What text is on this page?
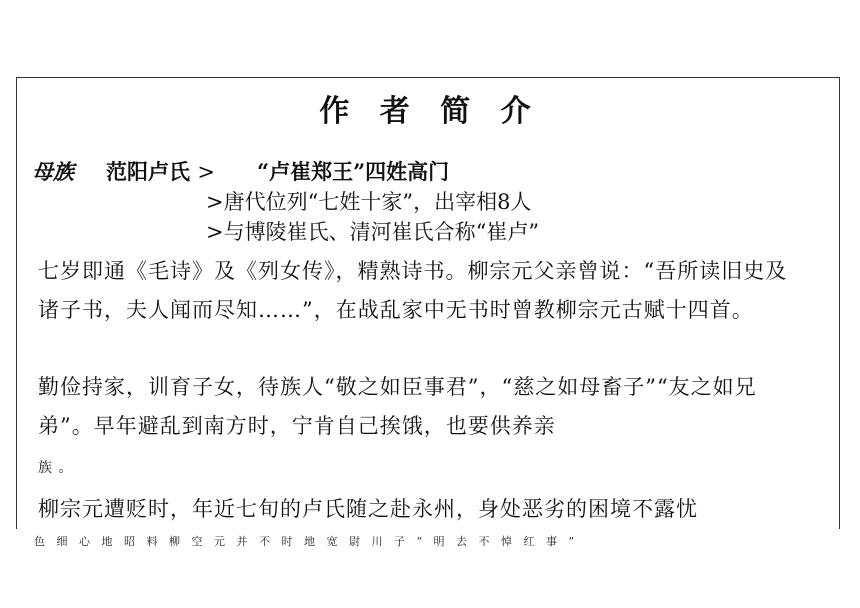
作 者 简 介
母族 范阳卢氏 > “卢崔郑王”四姓高门
>唐代位列“七姓十家”，出宰相8人
>与博陵崔氏、清河崔氏合称“崔卢”
七岁即通《毛诗》及《列女传》，精熟诗书。柳宗元父亲曾说：“吾所读旧史及诸子书，夫人闻而尽知……”，在战乱家中无书时曾教柳宗元古赋十四首。
勤俭持家，训育子女，待族人“敬之如臣事君”，“慈之如母畜子”“友之如兄弟”。早年避乱到南方时，宁肯自己挨饿，也要供养亲
族 。
柳宗元遭贬时，年近七旬的卢氏随之赴永州，身处恶劣的困境不露忧
色 细 心 地 昭 料 柳 空 元 并 不 时 地 宽 尉 川 子 “ 明 去 不 悼 红 事 ”
